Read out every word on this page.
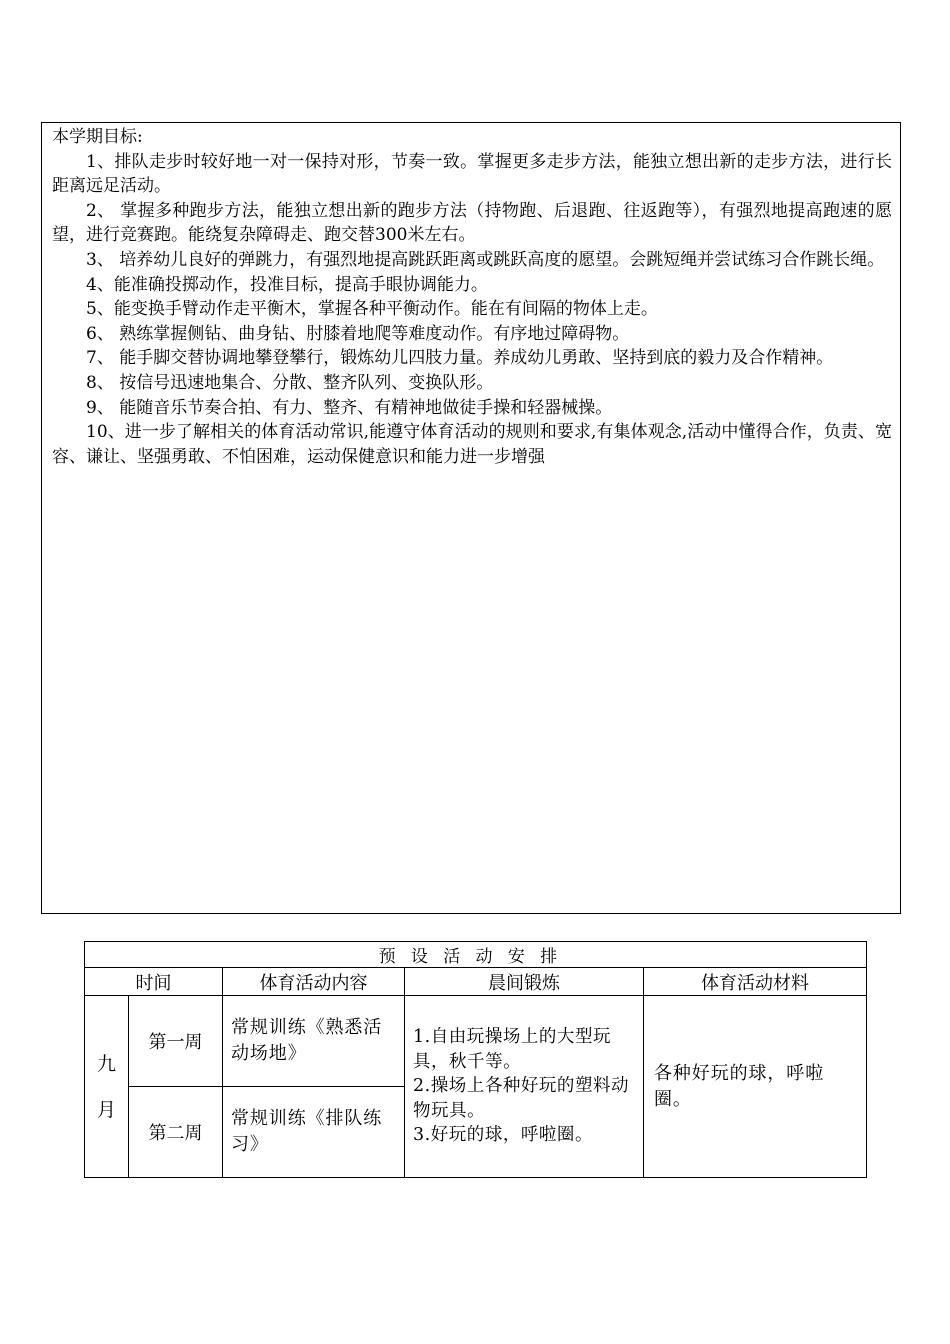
本学期目标:

1、排队走步时较好地一对一保持对形，节奏一致。掌握更多走步方法，能独立想出新的走步方法，进行长距离远足活动。

2、 掌握多种跑步方法，能独立想出新的跑步方法（持物跑、后退跑、往返跑等），有强烈地提高跑速的愿望，进行竞赛跑。能绕复杂障碍走、跑交替300米左右。

3、 培养幼儿良好的弹跳力，有强烈地提高跳跃距离或跳跃高度的愿望。会跳短绳并尝试练习合作跳长绳。

4、能准确投掷动作，投准目标，提高手眼协调能力。

5、能变换手臂动作走平衡木，掌握各种平衡动作。能在有间隔的物体上走。

6、 熟练掌握侧钻、曲身钻、肘膝着地爬等难度动作。有序地过障碍物。

7、 能手脚交替协调地攀登攀行，锻炼幼儿四肢力量。养成幼儿勇敢、坚持到底的毅力及合作精神。

8、 按信号迅速地集合、分散、整齐队列、变换队形。

9、 能随音乐节奏合拍、有力、整齐、有精神地做徒手操和轻器械操。

10、进一步了解相关的体育活动常识,能遵守体育活动的规则和要求,有集体观念,活动中懂得合作，负责、宽容、谦让、坚强勇敢、不怕困难，运动保健意识和能力进一步增强

预设活动安排				
时间		体育活动内容	晨间锻炼	体育活动材料

九
月	第一周	常规训练《熟悉活动场地》	1.自由玩操场上的大型玩具，秋千等。
2.操场上各种好玩的塑料动物玩具。
3.好玩的球，呼啦圈。	各种好玩的球，呼啦圈。
	第二周	常规训练《排队练习》		
